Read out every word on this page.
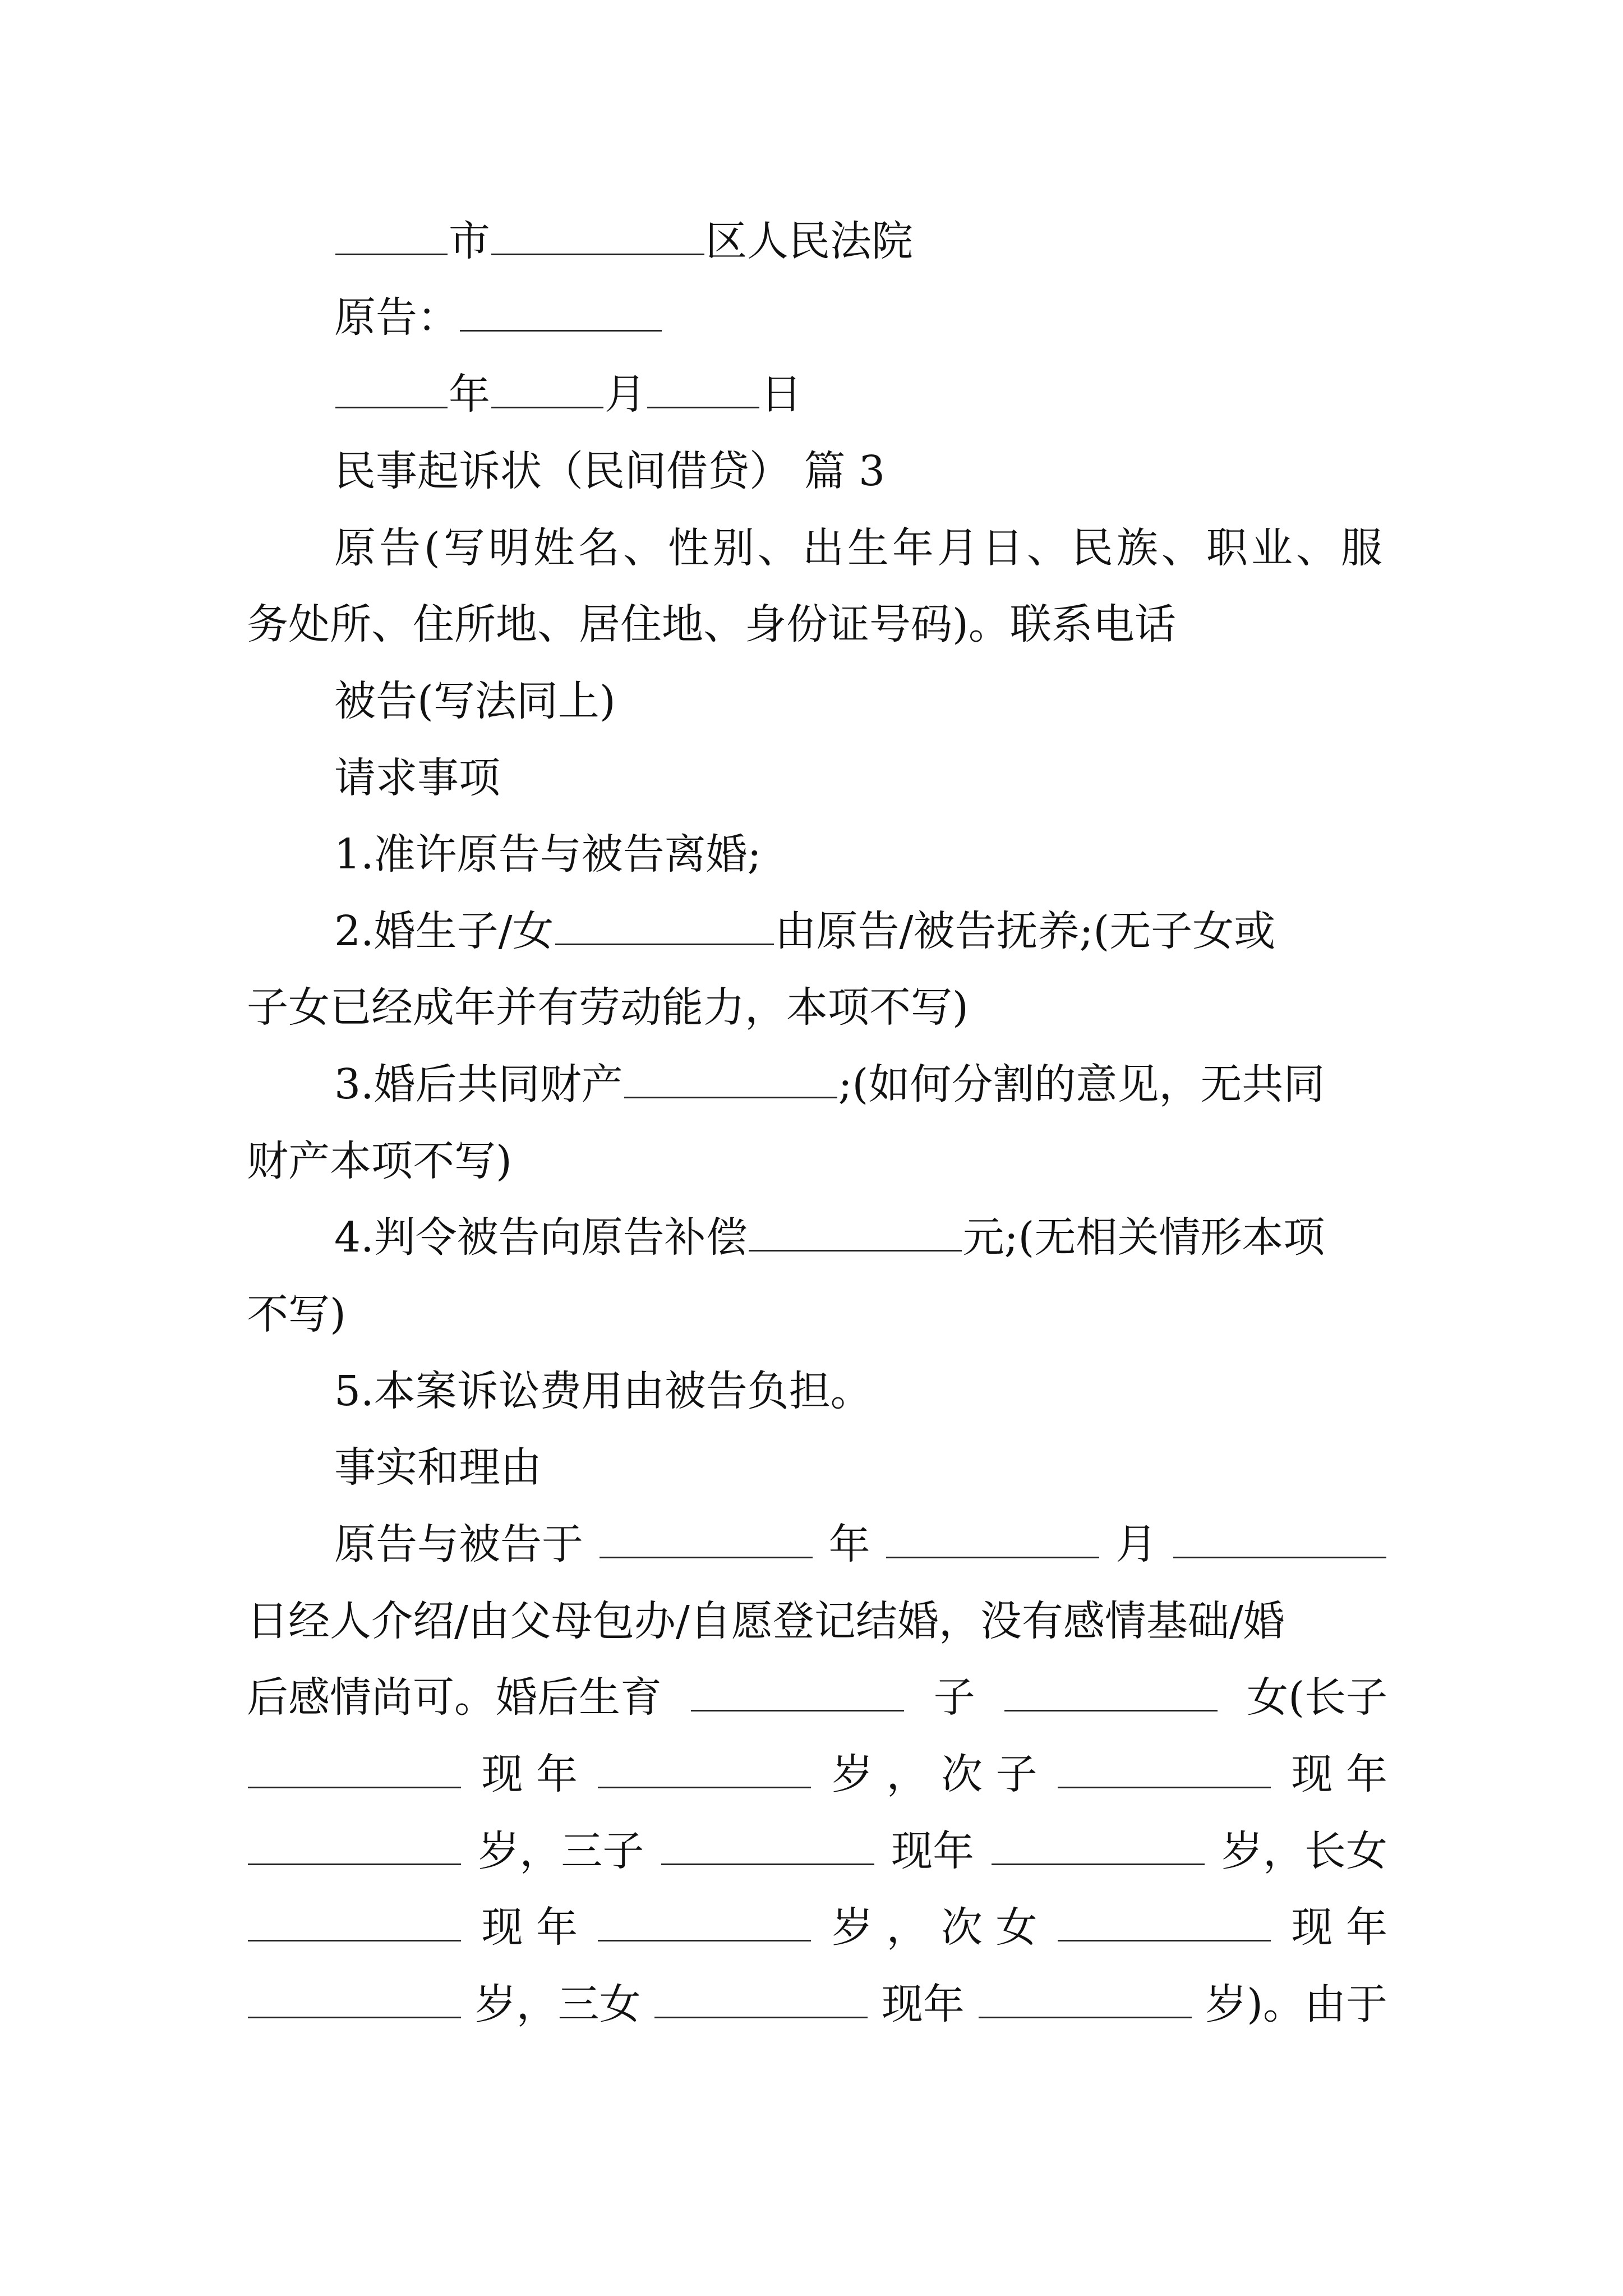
市	区人民法院
原告：
年	月	日
民事起诉状（民间借贷） 篇 3
原告(写明姓名、性别、出生年月日、民族、职业、服
务处所、住所地、居住地、身份证号码)。联系电话
被告(写法同上)
请求事项
1.准许原告与被告离婚;
2.婚生子/女	由原告/被告抚养;(无子女或
子女已经成年并有劳动能力，本项不写)
3.婚后共同财产	;(如何分割的意见，无共同
财产本项不写)
4.判令被告向原告补偿	元;(无相关情形本项
不写)
5.本案诉讼费用由被告负担。
事实和理由
原告与被告于	年	月
日经人介绍/由父母包办/自愿登记结婚，没有感情基础/婚
后感情尚可。婚后生育	子	女(长子
现 年	岁 ， 次 子	现 年
岁，三子	现年	岁，长女
现 年	岁 ， 次 女	现 年
岁，三女	现年	岁)。由于
